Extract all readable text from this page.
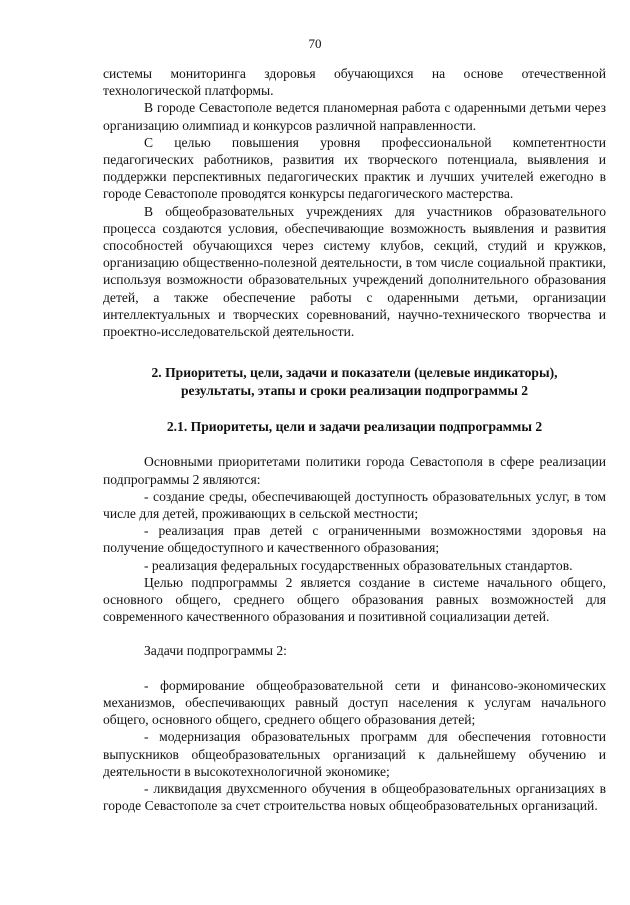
70

системы мониторинга здоровья обучающихся на основе отечественной технологической платформы.

В городе Севастополе ведется планомерная работа с одаренными детьми через организацию олимпиад и конкурсов различной направленности.

С целью повышения уровня профессиональной компетентности педагогических работников, развития их творческого потенциала, выявления и поддержки перспективных педагогических практик и лучших учителей ежегодно в городе Севастополе проводятся конкурсы педагогического мастерства.

В общеобразовательных учреждениях для участников образовательного процесса создаются условия, обеспечивающие возможность выявления и развития способностей обучающихся через систему клубов, секций, студий и кружков, организацию общественно-полезной деятельности, в том числе социальной практики, используя возможности образовательных учреждений дополнительного образования детей, а также обеспечение работы с одаренными детьми, организации интеллектуальных и творческих соревнований, научно-технического творчества и проектно-исследовательской деятельности.

2. Приоритеты, цели, задачи и показатели (целевые индикаторы),
результаты, этапы и сроки реализации подпрограммы 2
2.1. Приоритеты, цели и задачи реализации подпрограммы 2

Основными приоритетами политики города Севастополя в сфере реализации подпрограммы 2 являются:

- создание среды, обеспечивающей доступность образовательных услуг, в том числе для детей, проживающих в сельской местности;

- реализация прав детей с ограниченными возможностями здоровья на получение общедоступного и качественного образования;

- реализация федеральных государственных образовательных стандартов.

Целью подпрограммы 2 является создание в системе начального общего, основного общего, среднего общего образования равных возможностей для современного качественного образования и позитивной социализации детей.

Задачи подпрограммы 2:

- формирование общеобразовательной сети и финансово-экономических механизмов, обеспечивающих равный доступ населения к услугам начального общего, основного общего, среднего общего образования детей;

- модернизация образовательных программ для обеспечения готовности выпускников общеобразовательных организаций к дальнейшему обучению и деятельности в высокотехнологичной экономике;

- ликвидация двухсменного обучения в общеобразовательных организациях в городе Севастополе за счет строительства новых общеобразовательных организаций.
